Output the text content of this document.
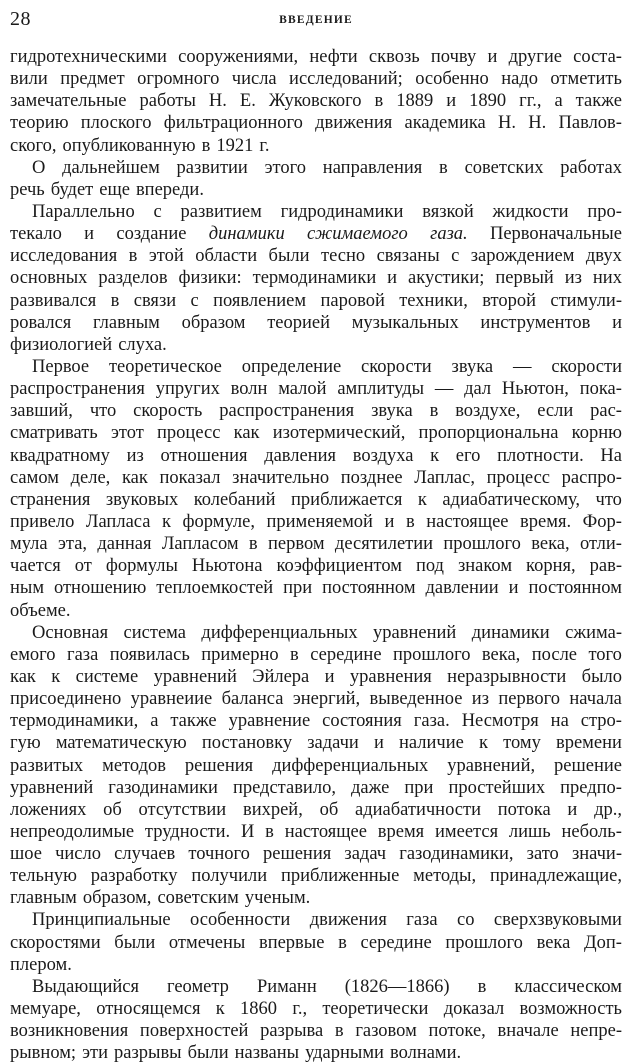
28	ВВЕДЕНИЕ
гидротехническими сооружениями, нефти сквозь почву и другие соста-
вили предмет огромного числа исследований; особенно надо отметить
замечательные работы Н. Е. Жуковского в 1889 и 1890 гг., а также
теорию плоского фильтрационного движения академика Н. Н. Павлов-
ского, опубликованную в 1921 г.
О дальнейшем развитии этого направления в советских работах
речь будет еще впереди.
Параллельно с развитием гидродинамики вязкой жидкости про-
текало и создание динамики сжимаемого газа. Первоначальные
исследования в этой области были тесно связаны с зарождением двух
основных разделов физики: термодинамики и акустики; первый из них
развивался в связи с появлением паровой техники, второй стимули-
ровался главным образом теорией музыкальных инструментов и
физиологией слуха.
Первое теоретическое определение скорости звука — скорости
распространения упругих волн малой амплитуды — дал Ньютон, пока-
завший, что скорость распространения звука в воздухе, если рас-
сматривать этот процесс как изотермический, пропорциональна корню
квадратному из отношения давления воздуха к его плотности. На
самом деле, как показал значительно позднее Лаплас, процесс распро-
странения звуковых колебаний приближается к адиабатическому, что
привело Лапласа к формуле, применяемой и в настоящее время. Фор-
мула эта, данная Лапласом в первом десятилетии прошлого века, отли-
чается от формулы Ньютона коэффициентом под знаком корня, рав-
ным отношению теплоемкостей при постоянном давлении и постоянном
объеме.
Основная система дифференциальных уравнений динамики сжима-
емого газа появилась примерно в середине прошлого века, после того
как к системе уравнений Эйлера и уравнения неразрывности было
присоединено уравнеиие баланса энергий, выведенное из первого начала
термодинамики, а также уравнение состояния газа. Несмотря на стро-
гую математическую постановку задачи и наличие к тому времени
развитых методов решения дифференциальных уравнений, решение
уравнений газодинамики представило, даже при простейших предпо-
ложениях об отсутствии вихрей, об адиабатичности потока и др.,
непреодолимые трудности. И в настоящее время имеется лишь неболь-
шое число случаев точного решения задач газодинамики, зато значи-
тельную разработку получили приближенные методы, принадлежащие,
главным образом, советским ученым.
Принципиальные особенности движения газа со сверхзвуковыми
скоростями были отмечены впервые в середине прошлого века Доп-
плером.
Выдающийся геометр Риманн (1826—1866) в классическом
мемуаре, относящемся к 1860 г., теоретически доказал возможность
возникновения поверхностей разрыва в газовом потоке, вначале непре-
рывном; эти разрывы были названы ударными волнами.
